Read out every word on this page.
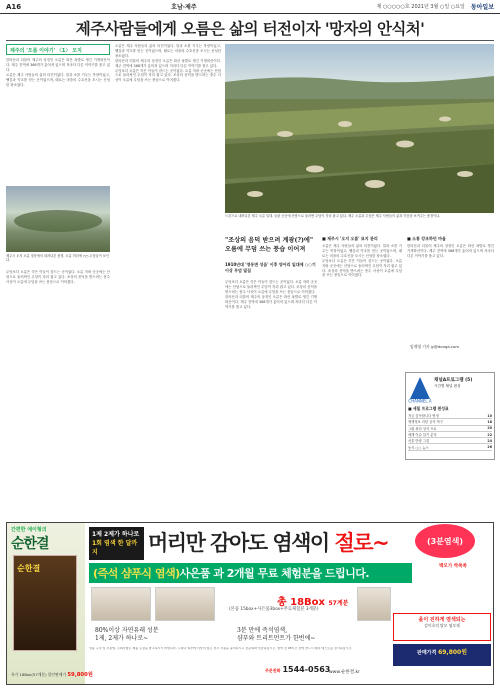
A16	호남·제주	제 ○○○○○호 2021년 3월 ○일 ○요일 동아일보
제주사람들에게 오름은 삶의 터전이자 '망자의 안식처'
제주의 '오름 이야기' 〈1〉 오지

한라산과 더불어 제주의 상징인 오름은 화산 폭발로 생긴 기생화산이다. 제주 전역에 368개가 흩어져 있으며 저마다 다른 이야기를 품고 있다.

오름은 제주 사람들의 삶의 터전이었다. 말과 소를 키우는 목장이었고, 땔감과 약초를 얻는 곳이었으며, 때로는 마을의 수호신을 모시는 신성한 장소였다.

제주시 오지 오름 정상에서 내려다본 풍경. 오름 허리에 ○○ 무덤들이 보인다.

무엇보다 오름은 죽은 이들이 잠드는 곳이었다. 오름 자락 곳곳에는 산담으로 둘러싸인 무덤이 자리 잡고 있다. 조상의 음덕을 받으려는 풍수 사상이 오름에 무덤을 쓰는 풍습으로 이어졌다.

오름은 제주 사람들의 삶의 터전이었다. 말과 소를 키우는 목장이었고, 땔감과 약초를 얻는 곳이었으며, 때로는 마을의 수호신을 모시는 신성한 장소였다.

한라산과 더불어 제주의 상징인 오름은 화산 폭발로 생긴 기생화산이다. 제주 전역에 368개가 흩어져 있으며 저마다 다른 이야기를 품고 있다.

무엇보다 오름은 죽은 이들이 잠드는 곳이었다. 오름 자락 곳곳에는 산담으로 둘러싸인 무덤이 자리 잡고 있다. 조상의 음덕을 받으려는 풍수 사상이 오름에 무덤을 쓰는 풍습으로 이어졌다.

드론으로 내려다본 제주 오름 일대. 들판 곳곳에 산담으로 둘러싼 무덤이 자리 잡고 있다. 제주 오름과 무덤은 제주 사람들의 삶과 죽음을 보여주는 풍경이다.
"조상의 음덕 받으려 계광(?)에" 오름에 무덤 쓰는 풍습 이어져
1910년대 '영동면 성읍' 이후 양어리 일대에 ○○기 이상 무덤 밀집

무엇보다 오름은 죽은 이들이 잠드는 곳이었다. 오름 자락 곳곳에는 산담으로 둘러싸인 무덤이 자리 잡고 있다. 조상의 음덕을 받으려는 풍수 사상이 오름에 무덤을 쓰는 풍습으로 이어졌다.

한라산과 더불어 제주의 상징인 오름은 화산 폭발로 생긴 기생화산이다. 제주 전역에 368개가 흩어져 있으며 저마다 다른 이야기를 품고 있다.

■ 제주시 '오지 오름' 묘지 관리

오름은 제주 사람들의 삶의 터전이었다. 말과 소를 키우는 목장이었고, 땔감과 약초를 얻는 곳이었으며, 때로는 마을의 수호신을 모시는 신성한 장소였다.

무엇보다 오름은 죽은 이들이 잠드는 곳이었다. 오름 자락 곳곳에는 산담으로 둘러싸인 무덤이 자리 잡고 있다. 조상의 음덕을 받으려는 풍수 사상이 오름에 무덤을 쓰는 풍습으로 이어졌다.

■ 소통 강조하던 마을

한라산과 더불어 제주의 상징인 오름은 화산 폭발로 생긴 기생화산이다. 제주 전역에 368개가 흩어져 있으며 저마다 다른 이야기를 품고 있다.

임재영 기자 jy@donga.com
CHANNEL A
채널A프로그램 (5)
시간별 채널 편성
■ 세밀 프로그램 편성표
저금 감독합니다 탐정	10
생생정보 리턴 공식 야구	18
그림 최다 상식 프로	20
세계 이슈 알기 분석	22
서울 반장 그것	24
동식 ○○ 뉴스	26
간편한 에이형의
순한결
순한결
1제 2제가 하나로
1회 염색 한 달까지	머리만 감아도 염색이 절로~	(3분염색)
(즉석 샴푸식 염색) 사은품 과 2개월 무료 체험분을 드립니다.
백모가 싹쏙쏙
총 18Box 57계분
(본품 15box+사은품3box+무료체험분 3계분)
80%이상 자연유래 성분
1제, 2제가 하나로~
3분 만에 즉석염색,
샴푸와 트리트먼트가 한번에~
올이 진하게 염색되는
감이초의 탈모 염모제
판매가격 69,800원
상품 구성 및 사용법, 주의사항은 제품 포장을 참고하시기 바랍니다. 두피나 피부에 이상이 있는 경우 사용을 중지하시고 전문의와 상담하십시오. 염색 전 48시간 전에 반드시 패치 테스트를 실시하십시오.
주문전화 1544-0563
특가 18Box(57계분) 할인판매가 59,800원	www.순한결.kr
